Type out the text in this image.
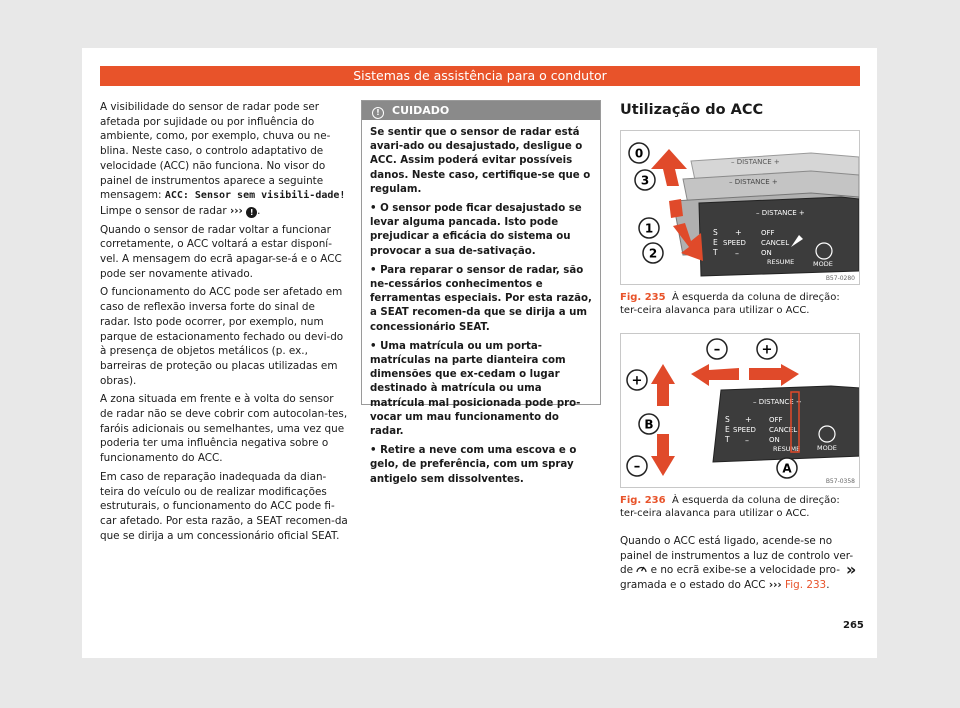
Sistemas de assistência para o condutor

A visibilidade do sensor de radar pode ser afetada por sujidade ou por influência do ambiente, como, por exemplo, chuva ou ne-blina. Neste caso, o controlo adaptativo de velocidade (ACC) não funciona. No visor do painel de instrumentos aparece a seguinte mensagem: ACC: Sensor sem visibili-dade! Limpe o sensor de radar ››› ! .

Quando o sensor de radar voltar a funcionar corretamente, o ACC voltará a estar disponí-vel. A mensagem do ecrã apagar-se-á e o ACC pode ser novamente ativado.

O funcionamento do ACC pode ser afetado em caso de reflexão inversa forte do sinal de radar. Isto pode ocorrer, por exemplo, num parque de estacionamento fechado ou devi-do à presença de objetos metálicos (p. ex., barreiras de proteção ou placas utilizadas em obras).

A zona situada em frente e à volta do sensor de radar não se deve cobrir com autocolan-tes, faróis adicionais ou semelhantes, uma vez que poderia ter uma influência negativa sobre o funcionamento do ACC.

Em caso de reparação inadequada da dian-teira do veículo ou de realizar modificações estruturais, o funcionamento do ACC pode fi-car afetado. Por esta razão, a SEAT recomen-da que se dirija a um concessionário oficial SEAT.

! CUIDADO

Se sentir que o sensor de radar está avari-ado ou desajustado, desligue o ACC. Assim poderá evitar possíveis danos. Neste caso, certifique-se que o regulam.

• O sensor pode ficar desajustado se levar alguma pancada. Isto pode prejudicar a eficácia do sistema ou provocar a sua de-sativação.

• Para reparar o sensor de radar, são ne-cessários conhecimentos e ferramentas especiais. Por esta razão, a SEAT recomen-da que se dirija a um concessionário SEAT.

• Uma matrícula ou um porta-matrículas na parte dianteira com dimensões que ex-cedam o lugar destinado à matrícula ou uma matrícula mal posicionada pode pro-vocar um mau funcionamento do radar.

• Retire a neve com uma escova e o gelo, de preferência, com um spray antigelo sem dissolventes.

Utilização do ACC
– DISTANCE +
– DISTANCE +
– DISTANCE +
S
E
T
+
SPEED
–
OFF
CANCEL
ON
RESUME	MODE
0
3
1
2
B57-0280
Fig. 235 À esquerda da coluna de direção: ter-ceira alavanca para utilizar o ACC.
– DISTANCE +
S
E
T
+
SPEED
–
OFF
CANCEL
ON
RESUME	MODE
–	+
+
B
–	A
B57-0358
Fig. 236 À esquerda da coluna de direção: ter-ceira alavanca para utilizar o ACC.

Quando o ACC está ligado, acende-se no painel de instrumentos a luz de controlo ver-de e no ecrã exibe-se a velocidade pro-gramada e o estado do ACC ››› Fig. 233.

»
265
